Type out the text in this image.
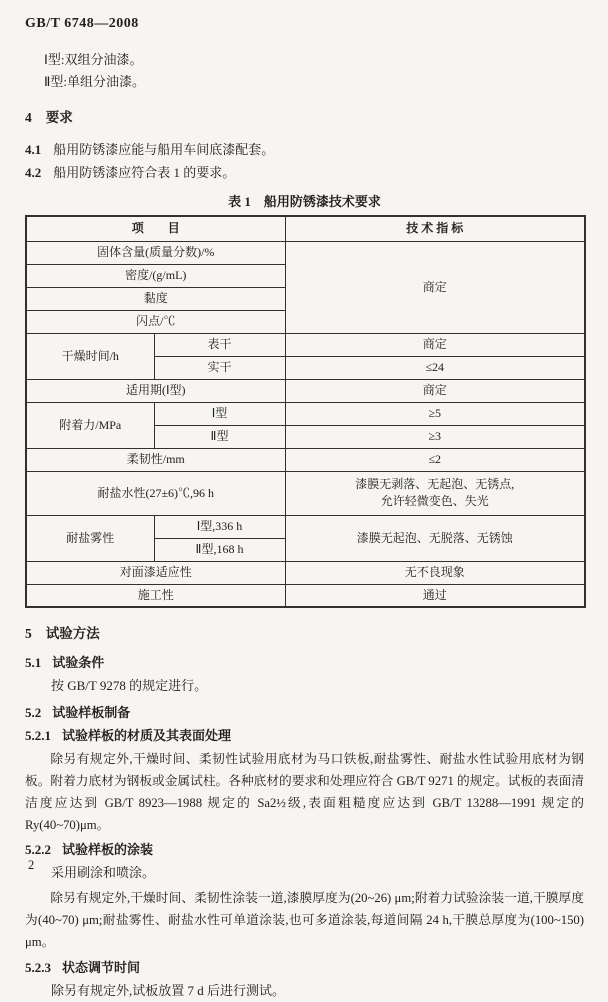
GB/T 6748—2008

Ⅰ型:双组分油漆。

Ⅱ型:单组分油漆。

4 要求

4.1 船用防锈漆应能与船用车间底漆配套。

4.2 船用防锈漆应符合表 1 的要求。

表 1　船用防锈漆技术要求
项　　目		技 术 指 标
固体含量(质量分数)/%		商定
密度/(g/mL)		
黏度		
闪点/℃		
干燥时间/h	表干	商定
	实干	≤24
适用期(Ⅰ型)		商定
附着力/MPa	Ⅰ型	≥5
	Ⅱ型	≥3
柔韧性/mm		≤2
耐盐水性(27±6)℃,96 h		漆膜无剥落、无起泡、无锈点,
允许轻微变色、失光

耐盐雾性	Ⅰ型,336 h	漆膜无起泡、无脱落、无锈蚀
	Ⅱ型,168 h	
对面漆适应性		无不良现象
施工性		通过
5 试验方法
5.1 试验条件

按 GB/T 9278 的规定进行。

5.2 试验样板制备
5.2.1 试验样板的材质及其表面处理

除另有规定外,干燥时间、柔韧性试验用底材为马口铁板,耐盐雾性、耐盐水性试验用底材为钢板。附着力底材为钢板或金属试柱。各种底材的要求和处理应符合 GB/T 9271 的规定。试板的表面清洁度应达到 GB/T 8923—1988 规定的 Sa2½级,表面粗糙度应达到 GB/T 13288—1991 规定的 Ry(40~70)μm。

5.2.2 试验样板的涂装

采用刷涂和喷涂。

除另有规定外,干燥时间、柔韧性涂装一道,漆膜厚度为(20~26) μm;附着力试验涂装一道,干膜厚度为(40~70) μm;耐盐雾性、耐盐水性可单道涂装,也可多道涂装,每道间隔 24 h,干膜总厚度为(100~150) μm。

5.2.3 状态调节时间

除另有规定外,试板放置 7 d 后进行测试。

2
